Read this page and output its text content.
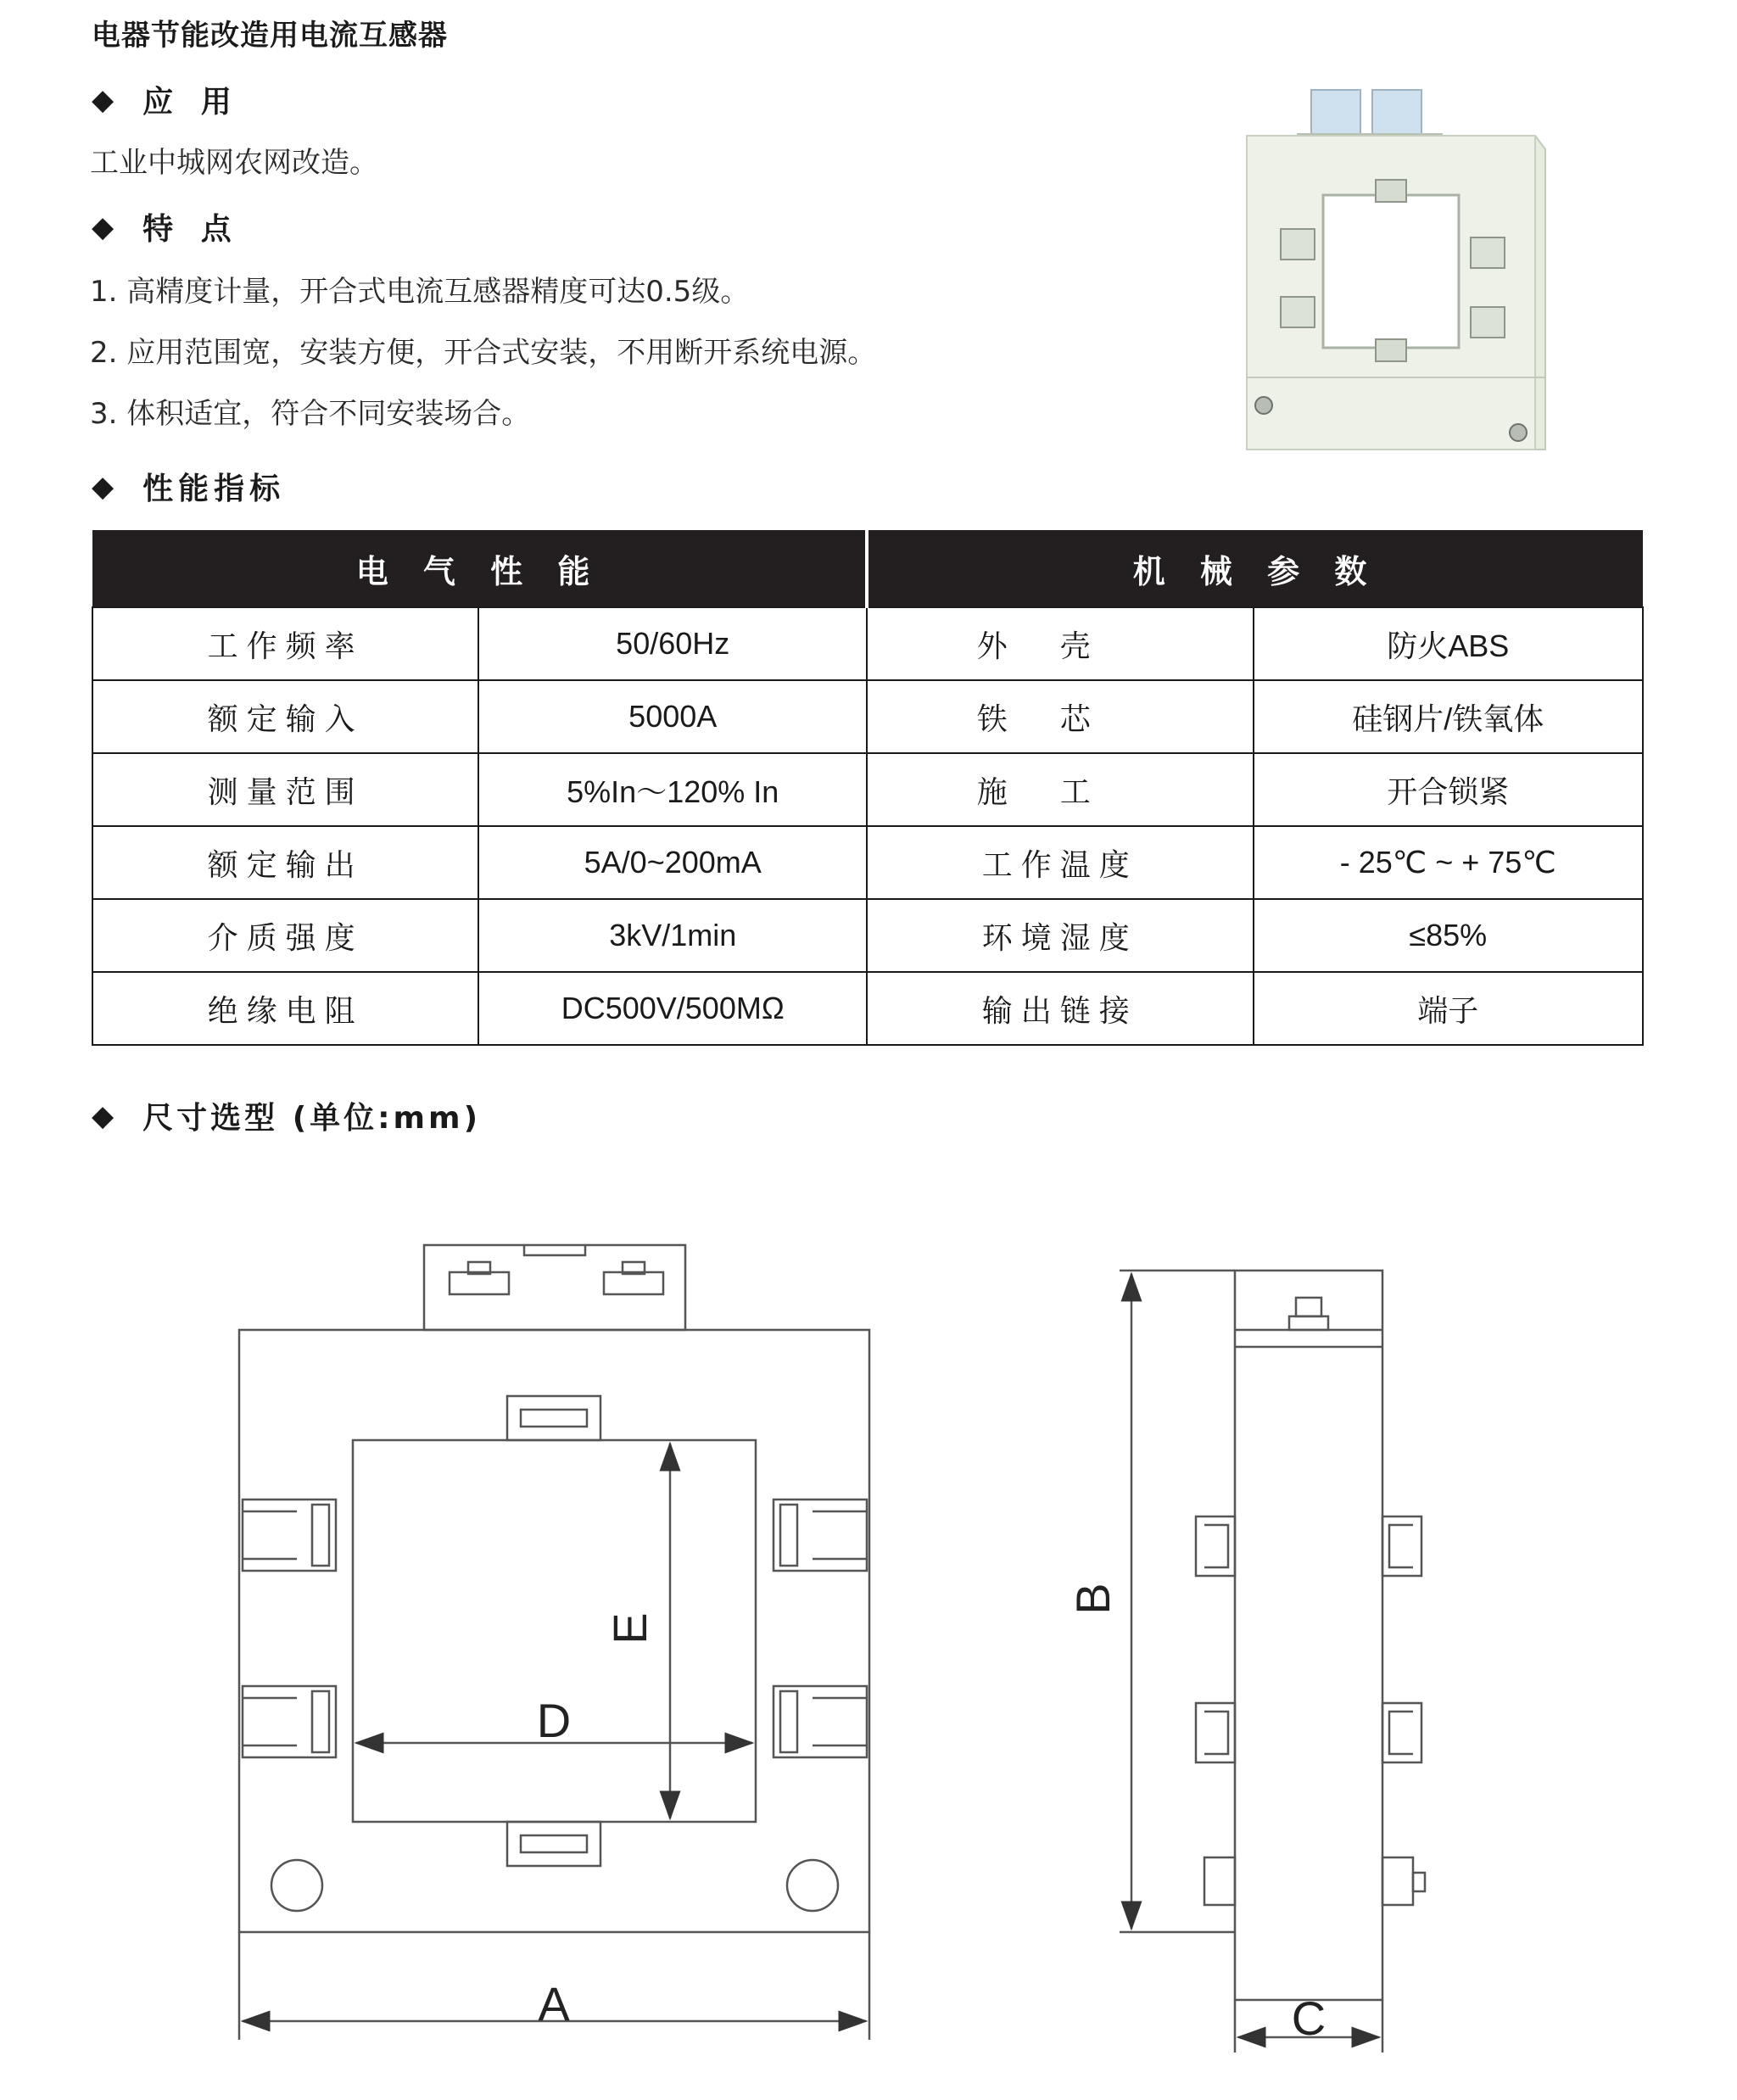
电器节能改造用电流互感器
◆ 应 用
工业中城网农网改造。
◆ 特 点
1. 高精度计量，开合式电流互感器精度可达0.5级。
2. 应用范围宽，安装方便，开合式安装，不用断开系统电源。
3. 体积适宜，符合不同安装场合。
◆ 性能指标
电 气 性 能		机 械 参 数	
工作频率	50/60Hz	外壳	防火ABS
额定输入	5000A	铁芯	硅钢片/铁氧体
测量范围	5%In～120% In	施工	开合锁紧
额定输出	5A/0~200mA	工作温度	- 25℃ ~ + 75℃
介质强度	3kV/1min	环境湿度	≤85%
绝缘电阻	DC500V/500MΩ	输出链接	端子
◆ 尺寸选型 (单位:mm)
A
D
E
B
C
